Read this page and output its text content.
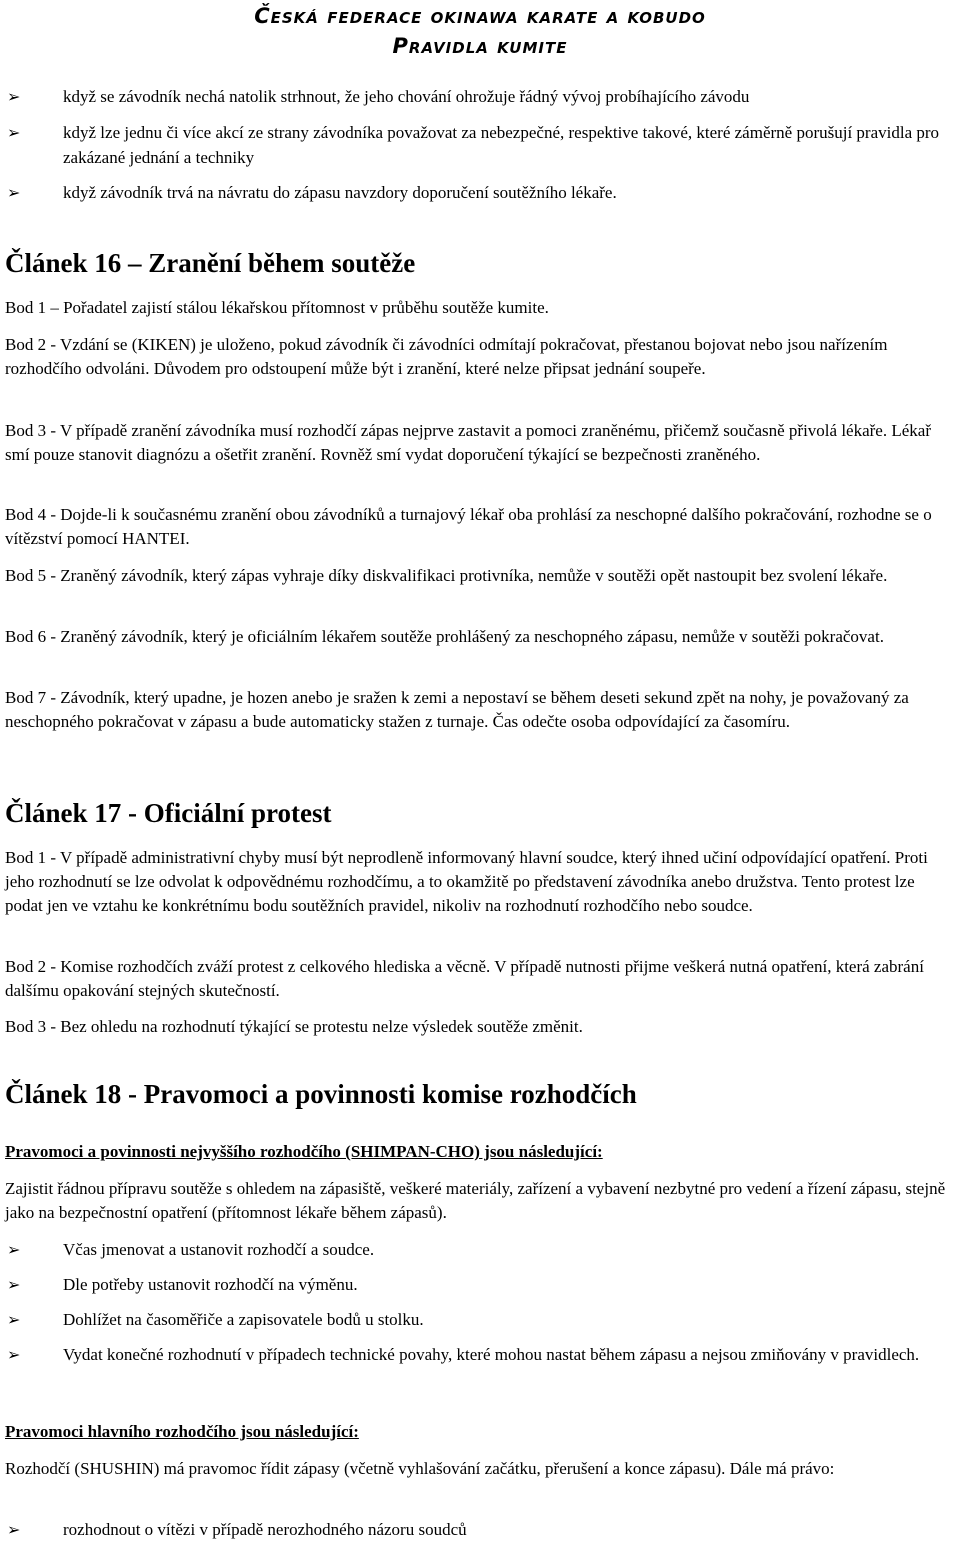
Česká federace okinawa karate a kobudo
Pravidla kumite
➢	když se závodník nechá natolik strhnout, že jeho chování ohrožuje řádný vývoj probíhajícího závodu
➢	když lze jednu či více akcí ze strany závodníka považovat za nebezpečné, respektive takové, které záměrně porušují pravidla pro zakázané jednání a techniky
➢	když závodník trvá na návratu do zápasu navzdory doporučení soutěžního lékaře.
Článek 16 – Zranění během soutěže

Bod 1 – Pořadatel zajistí stálou lékařskou přítomnost v průběhu soutěže kumite.

Bod 2 - Vzdání se (KIKEN) je uloženo, pokud závodník či závodníci odmítají pokračovat, přestanou bojovat nebo jsou nařízením rozhodčího odvoláni. Důvodem pro odstoupení může být i zranění, které nelze připsat jednání soupeře.

Bod 3 - V případě zranění závodníka musí rozhodčí zápas nejprve zastavit a pomoci zraněnému, přičemž současně přivolá lékaře. Lékař smí pouze stanovit diagnózu a ošetřit zranění. Rovněž smí vydat doporučení týkající se bezpečnosti zraněného.

Bod 4 - Dojde-li k současnému zranění obou závodníků a turnajový lékař oba prohlásí za neschopné dalšího pokračování, rozhodne se o vítězství pomocí HANTEI.

Bod 5 - Zraněný závodník, který zápas vyhraje díky diskvalifikaci protivníka, nemůže v soutěži opět nastoupit bez svolení lékaře.

Bod 6 - Zraněný závodník, který je oficiálním lékařem soutěže prohlášený za neschopného zápasu, nemůže v soutěži pokračovat.

Bod 7 - Závodník, který upadne, je hozen anebo je sražen k zemi a nepostaví se během deseti sekund zpět na nohy, je považovaný za neschopného pokračovat v zápasu a bude automaticky stažen z turnaje. Čas odečte osoba odpovídající za časomíru.

Článek 17 - Oficiální protest

Bod 1 - V případě administrativní chyby musí být neprodleně informovaný hlavní soudce, který ihned učiní odpovídající opatření. Proti jeho rozhodnutí se lze odvolat k odpovědnému rozhodčímu, a to okamžitě po představení závodníka anebo družstva. Tento protest lze podat jen ve vztahu ke konkrétnímu bodu soutěžních pravidel, nikoliv na rozhodnutí rozhodčího nebo soudce.

Bod 2 - Komise rozhodčích zváží protest z celkového hlediska a věcně. V případě nutnosti přijme veškerá nutná opatření, která zabrání dalšímu opakování stejných skutečností.

Bod 3 - Bez ohledu na rozhodnutí týkající se protestu nelze výsledek soutěže změnit.

Článek 18 - Pravomoci a povinnosti komise rozhodčích

Pravomoci a povinnosti nejvyššího rozhodčího (SHIMPAN-CHO) jsou následující:

Zajistit řádnou přípravu soutěže s ohledem na zápasiště, veškeré materiály, zařízení a vybavení nezbytné pro vedení a řízení zápasu, stejně jako na bezpečnostní opatření (přítomnost lékaře během zápasů).

➢	Včas jmenovat a ustanovit rozhodčí a soudce.
➢	Dle potřeby ustanovit rozhodčí na výměnu.
➢	Dohlížet na časoměřiče a zapisovatele bodů u stolku.
➢	Vydat konečné rozhodnutí v případech technické povahy, které mohou nastat během zápasu a nejsou zmiňovány v pravidlech.

Pravomoci hlavního rozhodčího jsou následující:

Rozhodčí (SHUSHIN) má pravomoc řídit zápasy (včetně vyhlašování začátku, přerušení a konce zápasu). Dále má právo:

➢	rozhodnout o vítězi v případě nerozhodného názoru soudců
